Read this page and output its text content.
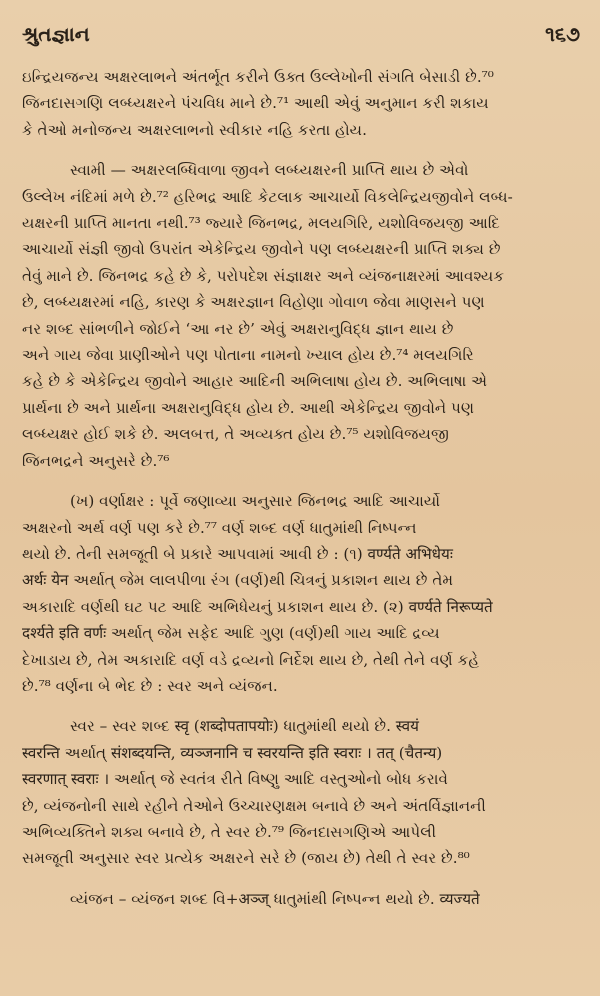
શ્રુતજ્ઞાન	૧૬૭

ઇન્દ્રિયજન્ય અક્ષરલાભને અંતર્ભૂત કરીને ઉક્ત ઉલ્લેખોની સંગતિ બેસાડી છે.⁷⁰
જિનદાસગણિ લબ્ધ્યક્ષરને પંચવિધ માને છે.⁷¹ આથી એવું અનુમાન કરી શકાય
કે તેઓ મનોજન્ય અક્ષરલાભનો સ્વીકાર નહિ કરતા હોય.

સ્વામી — અક્ષરલબ્ધિવાળા જીવને લબ્ધ્યક્ષરની પ્રાપ્તિ થાય છે એવો
ઉલ્લેખ નંદિમાં મળે છે.⁷² હરિભદ્ર આદિ કેટલાક આચાર્યો વિકલેન્દ્રિયજીવોને લબ્ધ-
યક્ષરની પ્રાપ્તિ માનતા નથી.⁷³ જ્યારે જિનભદ્ર, મલયગિરિ, યશોવિજયજી આદિ
આચાર્યો સંજ્ઞી જીવો ઉપરાંત એકેન્દ્રિય જીવોને પણ લબ્ધ્યક્ષરની પ્રાપ્તિ શક્ય છે
તેવું માને છે. જિનભદ્ર કહે છે કે, પરોપદેશ સંજ્ઞાક્ષર અને વ્યંજનાક્ષરમાં આવશ્યક
છે, લબ્ધ્યક્ષરમાં નહિ, કારણ કે અક્ષરજ્ઞાન વિહોણા ગોવાળ જેવા માણસને પણ
નર શબ્દ સાંભળીને જોઈને ‘આ નર છે’ એવું અક્ષરાનુવિદ્ધ જ્ઞાન થાય છે
અને ગાય જેવા પ્રાણીઓને પણ પોતાના નામનો ખ્યાલ હોય છે.⁷⁴ મલયગિરિ
કહે છે કે એકેન્દ્રિય જીવોને આહાર આદિની અભિલાષા હોય છે. અભિલાષા એ
પ્રાર્થના છે અને પ્રાર્થના અક્ષરાનુવિદ્ધ હોય છે. આથી એકેન્દ્રિય જીવોને પણ
લબ્ધ્યક્ષર હોઈ શકે છે. અલબત્ત, તે અવ્યક્ત હોય છે.⁷⁵ યશોવિજયજી
જિનભદ્રને અનુસરે છે.⁷⁶

(ખ) વર્ણાક્ષર : પૂર્વે જણાવ્યા અનુસાર જિનભદ્ર આદિ આચાર્યો
અક્ષરનો અર્થ વર્ણ પણ કરે છે.⁷⁷ વર્ણ શબ્દ વર્ણ ધાતુમાંથી નિષ્પન્ન
થયો છે. તેની સમજૂતી બે પ્રકારે આપવામાં આવી છે : (૧) वर्ण्यते अभिधेयः
अर्थः येन અર્થાત્ જેમ લાલપીળા રંગ (વર્ણ)થી ચિત્રનું પ્રકાશન થાય છે તેમ
અકારાદિ વર્ણથી ઘટ પટ આદિ અભિધેયનું પ્રકાશન થાય છે. (૨) वर्ण्यते निरूप्यते
दर्श्यते इति वर्णः અર્થાત્ જેમ સફેદ આદિ ગુણ (વર્ણ)થી ગાય આદિ દ્રવ્ય
દેખાડાય છે, તેમ અકારાદિ વર્ણ વડે દ્રવ્યનો નિર્દેશ થાય છે, તેથી તેને વર્ણ કહે
છે.⁷⁸ વર્ણના બે ભેદ છે : સ્વર અને વ્યંજન.

સ્વર – સ્વર શબ્દ स्वृ (शब्दोपतापयोः) ધાતુમાંથી થયો છે. स्वयं
स्वरन्ति અર્થાત્ संशब्दयन्ति, व्यञ्जनानि च स्वरयन्ति इति स्वराः । तत् (चैतन्य)
स्वरणात् स्वराः । અર્થાત્ જે સ્વતંત્ર રીતે વિષ્ણુ આદિ વસ્તુઓનો બોધ કરાવે
છે, વ્યંજનોની સાથે રહીને તેઓને ઉચ્ચારણક્ષમ બનાવે છે અને અંતર્વિજ્ઞાનની
અભિવ્યક્તિને શક્ય બનાવે છે, તે સ્વર છે.⁷⁹ જિનદાસગણિએ આપેલી
સમજૂતી અનુસાર સ્વર પ્રત્યેક અક્ષરને સરે છે (જાય છે) તેથી તે સ્વર છે.⁸⁰

વ્યંજન – વ્યંજન શબ્દ વિ+अञ्ज् ધાતુમાંથી નિષ્પન્ન થયો છે. व्यज्यते
